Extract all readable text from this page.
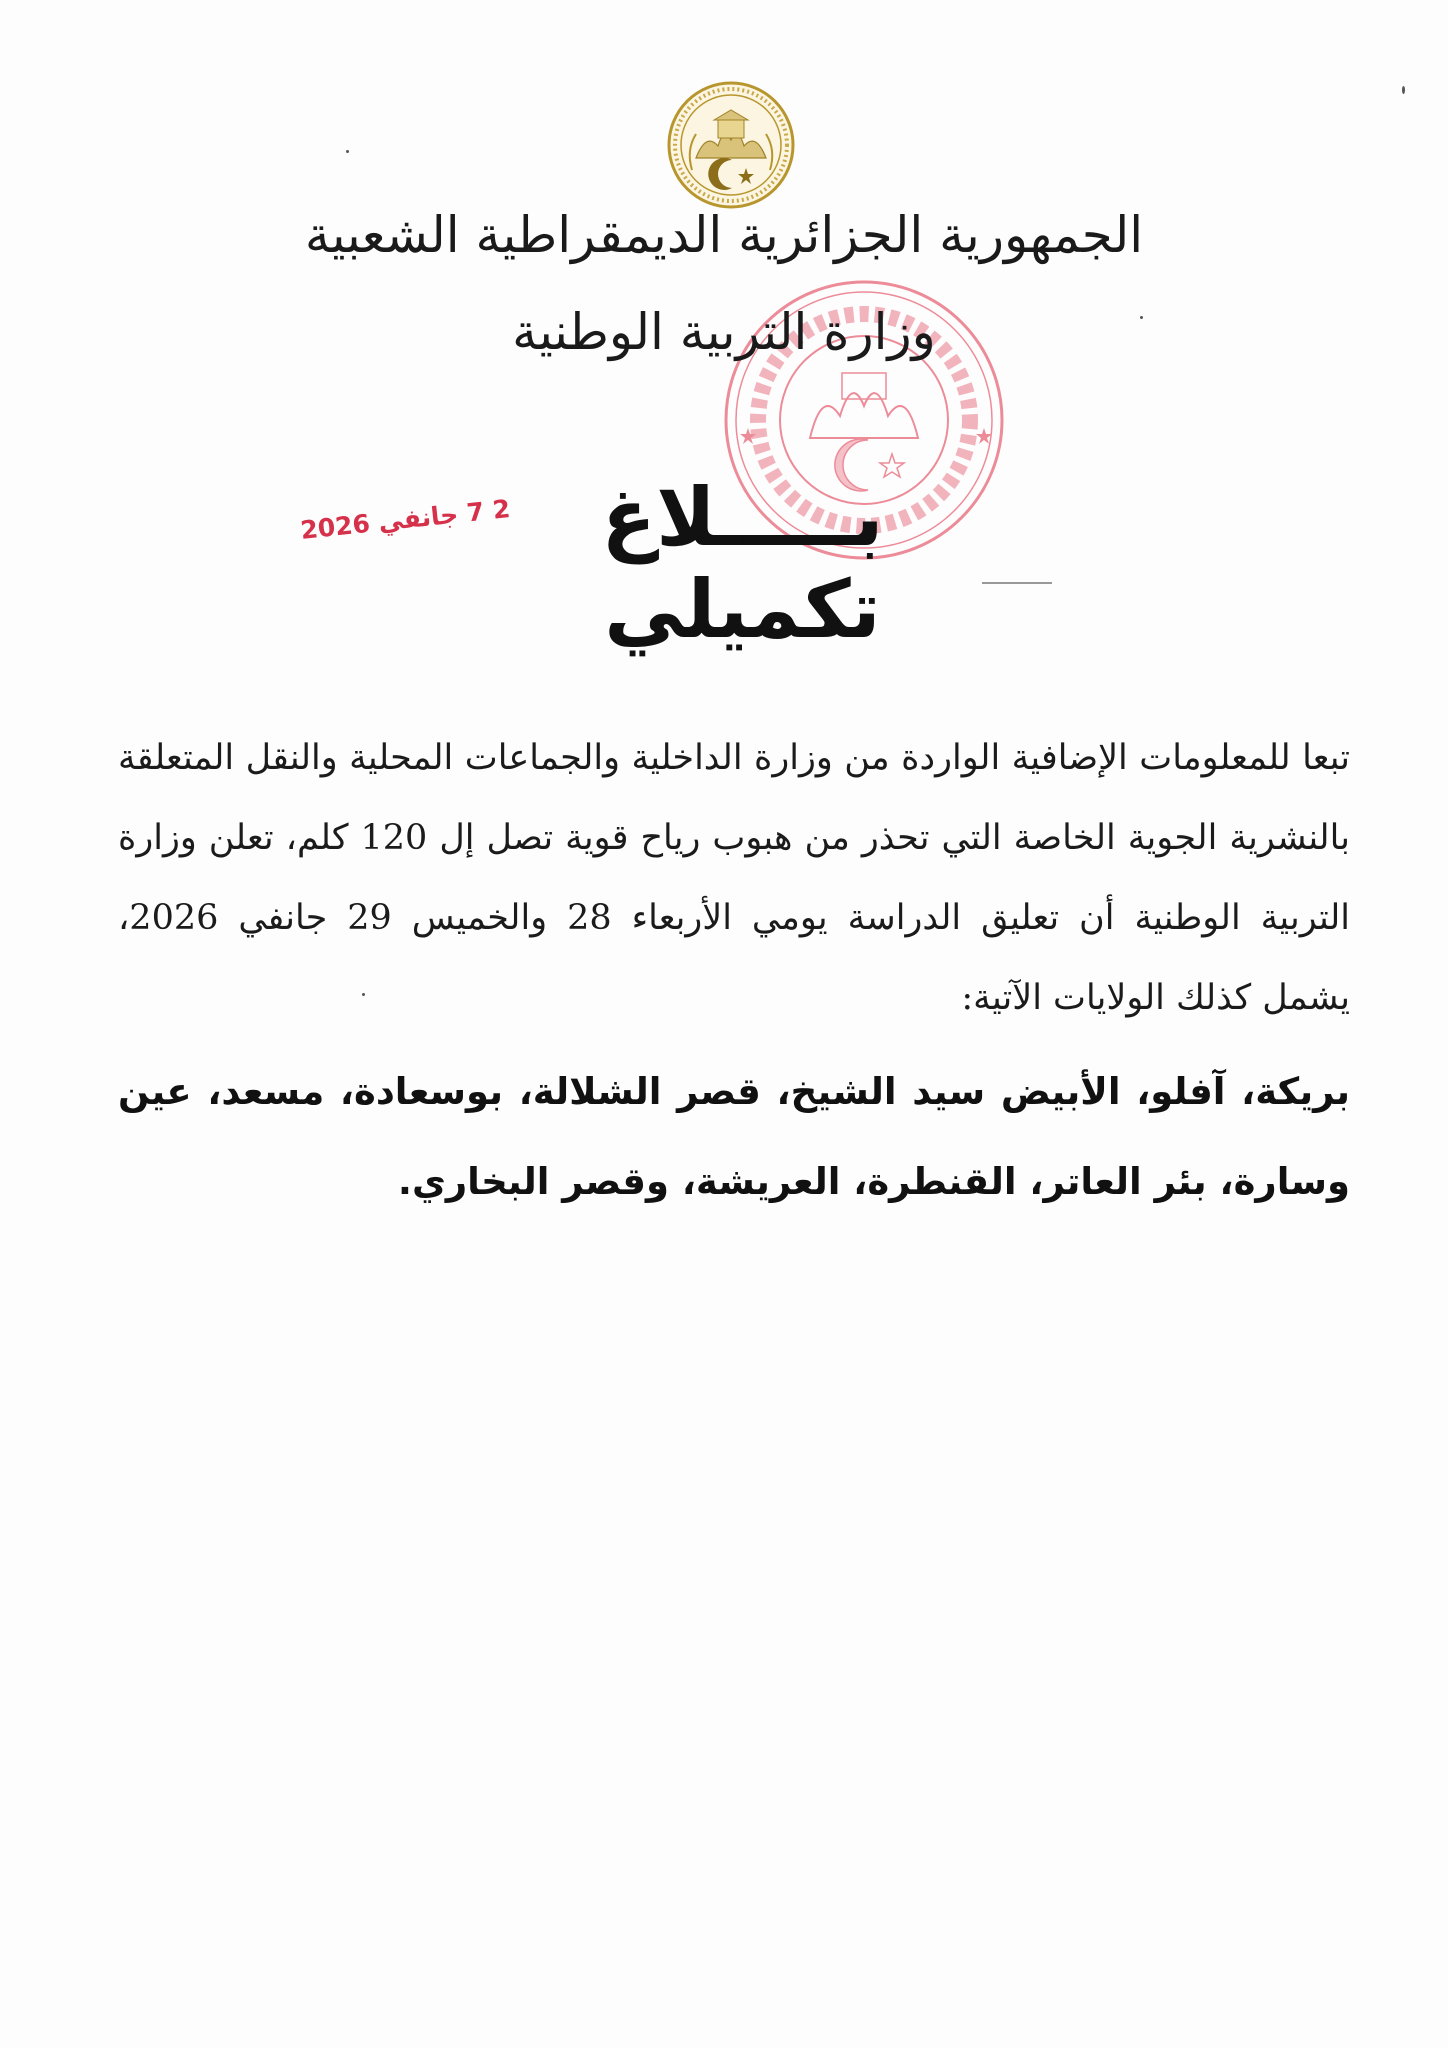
الجمهورية الجزائرية الديمقراطية الشعبية
وزارة التربية الوطنية
2 7 جانفي 2026	بـــــلاغ تكميلي

تبعا للمعلومات الإضافية الواردة من وزارة الداخلية والجماعات المحلية والنقل المتعلقة بالنشرية الجوية الخاصة التي تحذر من هبوب رياح قوية تصل إل 120 كلم، تعلن وزارة التربية الوطنية أن تعليق الدراسة يومي الأربعاء 28 والخميس 29 جانفي 2026، يشمل كذلك الولايات الآتية:

بريكة، آفلو، الأبيض سيد الشيخ، قصر الشلالة، بوسعادة، مسعد، عين وسارة، بئر العاتر، القنطرة، العريشة، وقصر البخاري.
